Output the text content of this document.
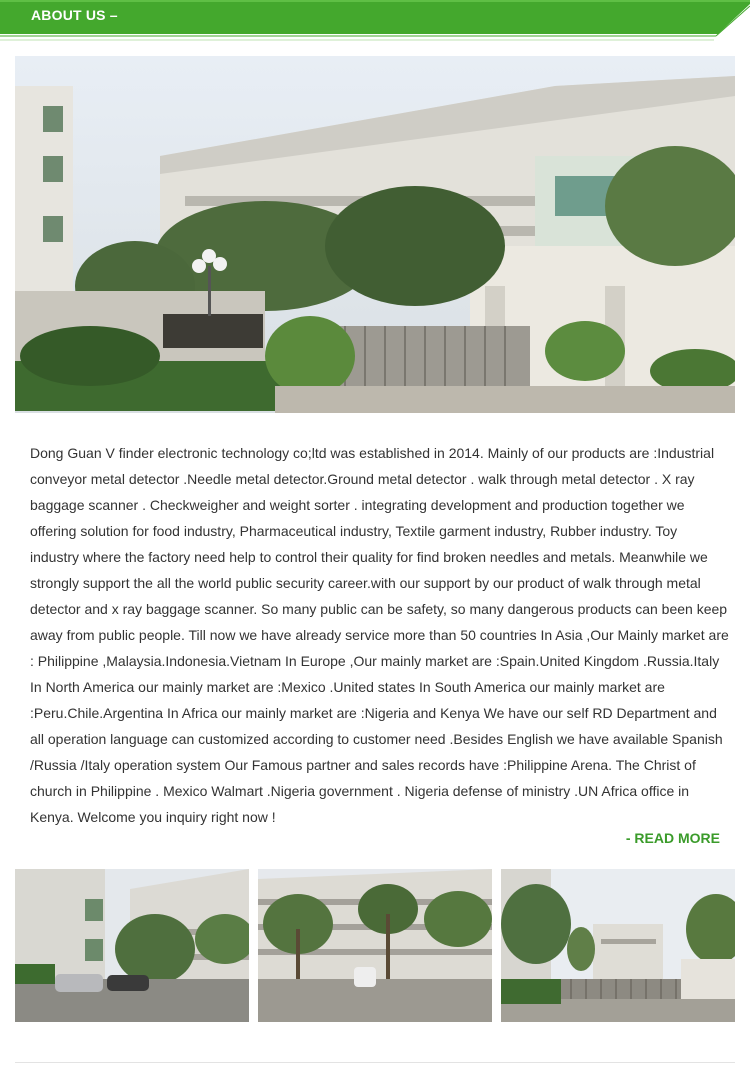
ABOUT US –

Dong Guan V finder electronic technology co;ltd was established in 2014. Mainly of our products are :Industrial conveyor metal detector .Needle metal detector.Ground metal detector . walk through metal detector . X ray baggage scanner . Checkweigher and weight sorter . integrating development and production together we offering solution for food industry, Pharmaceutical industry, Textile garment industry, Rubber industry. Toy industry where the factory need help to control their quality for find broken needles and metals. Meanwhile we strongly support the all the world public security career.with our support by our product of walk through metal detector and x ray baggage scanner. So many public can be safety, so many dangerous products can been keep away from public people. Till now we have already service more than 50 countries In Asia ,Our Mainly market are : Philippine ,Malaysia.Indonesia.Vietnam In Europe ,Our mainly market are :Spain.United Kingdom .Russia.Italy In North America our mainly market are :Mexico .United states In South America our mainly market are :Peru.Chile.Argentina In Africa our mainly market are :Nigeria and Kenya We have our self RD Department and all operation language can customized according to customer need .Besides English we have available Spanish /Russia /Italy operation system Our Famous partner and sales records have :Philippine Arena. The Christ of church in Philippine . Mexico Walmart .Nigeria government . Nigeria defense of ministry .UN Africa office in Kenya. Welcome you inquiry right now !

- READ MORE
